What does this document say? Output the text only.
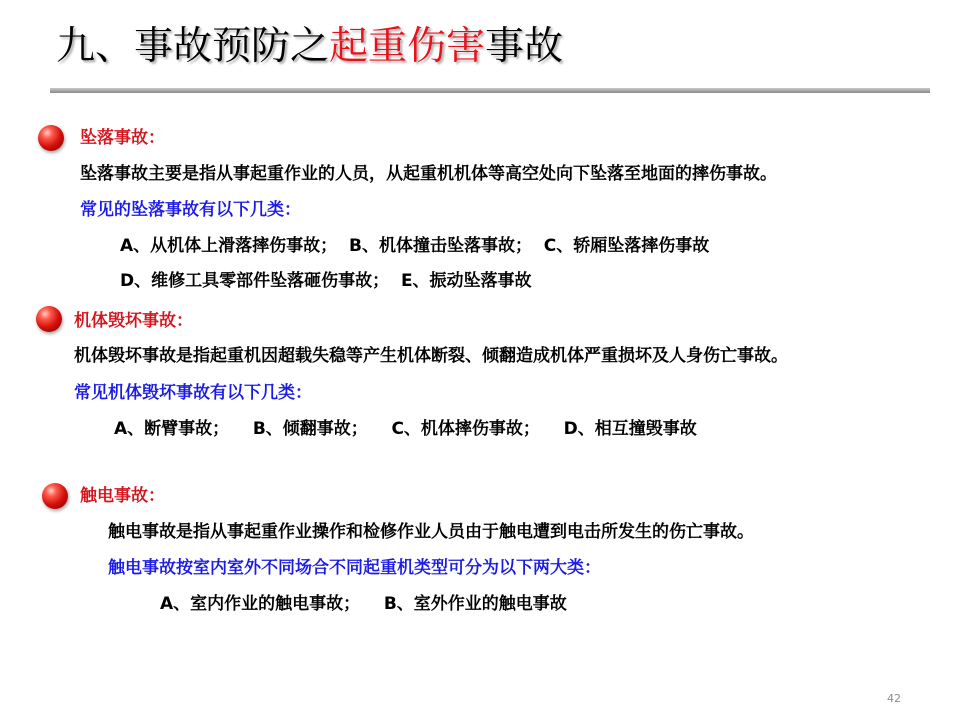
九、事故预防之起重伤害事故
坠落事故：
坠落事故主要是指从事起重作业的人员，从起重机机体等高空处向下坠落至地面的摔伤事故。
常见的坠落事故有以下几类：
A、从机体上滑落摔伤事故；  B、机体撞击坠落事故；  C、轿厢坠落摔伤事故
D、维修工具零部件坠落砸伤事故；  E、振动坠落事故
机体毁坏事故：
机体毁坏事故是指起重机因超载失稳等产生机体断裂、倾翻造成机体严重损坏及人身伤亡事故。
常见机体毁坏事故有以下几类：
A、断臂事故；    B、倾翻事故；    C、机体摔伤事故；    D、相互撞毁事故
触电事故：
触电事故是指从事起重作业操作和检修作业人员由于触电遭到电击所发生的伤亡事故。
触电事故按室内室外不同场合不同起重机类型可分为以下两大类：
A、室内作业的触电事故；    B、室外作业的触电事故
42
